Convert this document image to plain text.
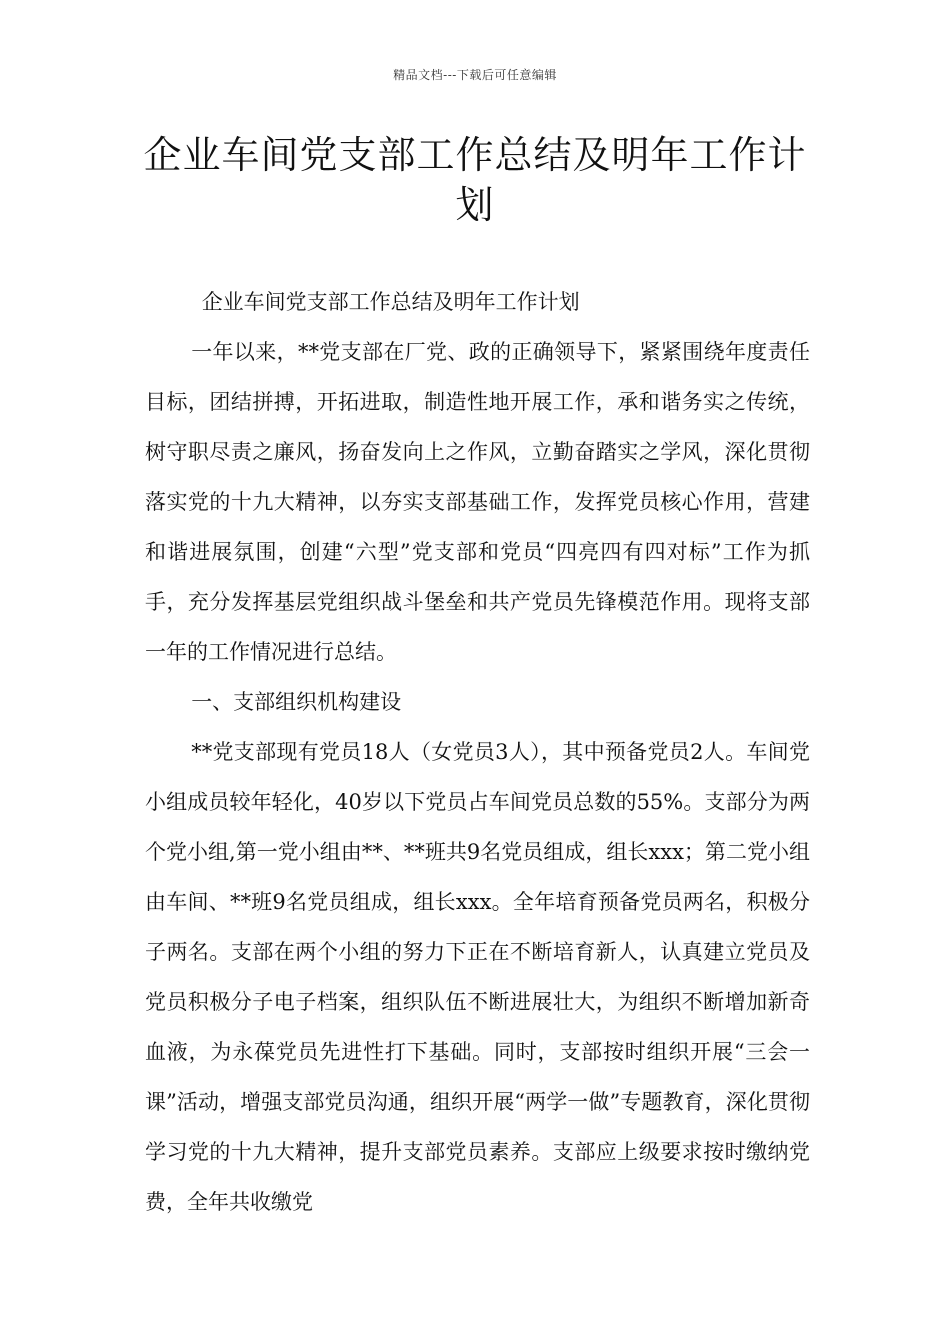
精品文档---下载后可任意编辑
企业车间党支部工作总结及明年工作计划

企业车间党支部工作总结及明年工作计划

一年以来，**党支部在厂党、政的正确领导下，紧紧围绕年度责任目标，团结拼搏，开拓进取，制造性地开展工作，承和谐务实之传统，树守职尽责之廉风，扬奋发向上之作风，立勤奋踏实之学风，深化贯彻落实党的十九大精神，以夯实支部基础工作，发挥党员核心作用，营建和谐进展氛围，创建“六型”党支部和党员“四亮四有四对标”工作为抓手，充分发挥基层党组织战斗堡垒和共产党员先锋模范作用。现将支部一年的工作情况进行总结。

一、支部组织机构建设

**党支部现有党员18人（女党员3人），其中预备党员2人。车间党小组成员较年轻化，40岁以下党员占车间党员总数的55%。支部分为两个党小组,第一党小组由**、**班共9名党员组成，组长xxx；第二党小组由车间、**班9名党员组成，组长xxx。全年培育预备党员两名，积极分子两名。支部在两个小组的努力下正在不断培育新人，认真建立党员及党员积极分子电子档案，组织队伍不断进展壮大，为组织不断增加新奇血液，为永葆党员先进性打下基础。同时，支部按时组织开展“三会一课”活动，增强支部党员沟通，组织开展“两学一做”专题教育，深化贯彻学习党的十九大精神，提升支部党员素养。支部应上级要求按时缴纳党费，全年共收缴党
